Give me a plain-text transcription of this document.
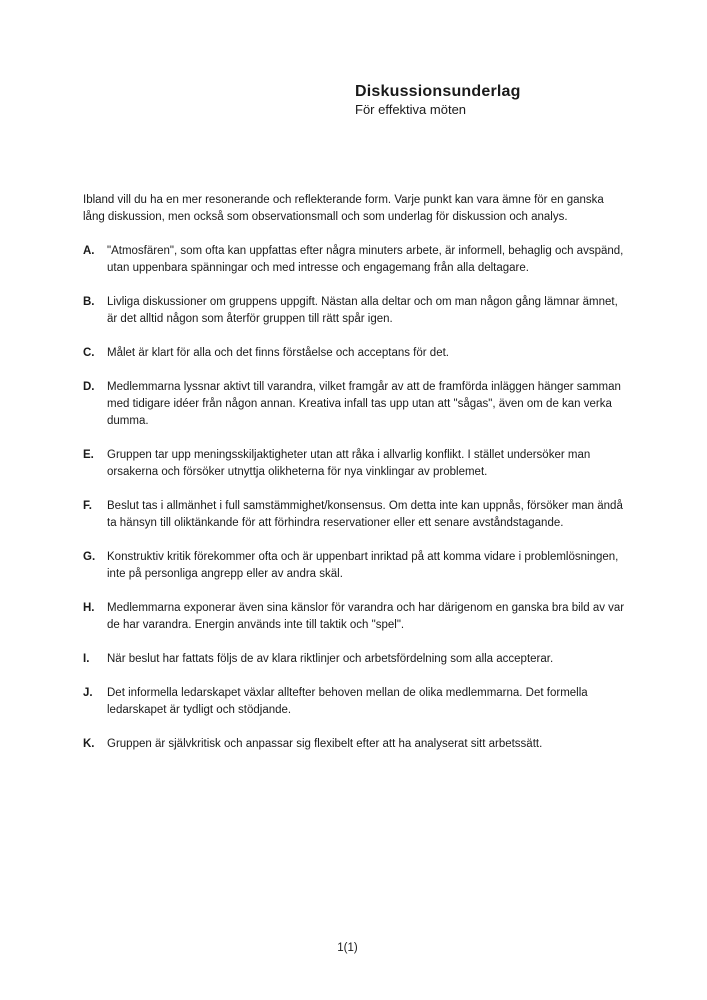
Diskussionsunderlag
För effektiva möten

Ibland vill du ha en mer resonerande och reflekterande form. Varje punkt kan vara ämne för en ganska lång diskussion, men också som observationsmall och som underlag för diskussion och analys.

A.	"Atmosfären", som ofta kan uppfattas efter några minuters arbete, är informell, behaglig och avspänd, utan uppenbara spänningar och med intresse och engagemang från alla deltagare.
B.	Livliga diskussioner om gruppens uppgift. Nästan alla deltar och om man någon gång lämnar ämnet, är det alltid någon som återför gruppen till rätt spår igen.
C.	Målet är klart för alla och det finns förståelse och acceptans för det.
D.	Medlemmarna lyssnar aktivt till varandra, vilket framgår av att de framförda inläggen hänger samman med tidigare idéer från någon annan. Kreativa infall tas upp utan att "sågas", även om de kan verka dumma.
E.	Gruppen tar upp meningsskiljaktigheter utan att råka i allvarlig konflikt. I stället undersöker man orsakerna och försöker utnyttja olikheterna för nya vinklingar av problemet.
F.	Beslut tas i allmänhet i full samstämmighet/konsensus. Om detta inte kan uppnås, försöker man ändå ta hänsyn till oliktänkande för att förhindra reservationer eller ett senare avståndstagande.
G.	Konstruktiv kritik förekommer ofta och är uppenbart inriktad på att komma vidare i problemlösningen, inte på personliga angrepp eller av andra skäl.
H.	Medlemmarna exponerar även sina känslor för varandra och har därigenom en ganska bra bild av var de har varandra. Energin används inte till taktik och "spel".
I.	När beslut har fattats följs de av klara riktlinjer och arbetsfördelning som alla accepterar.
J.	Det informella ledarskapet växlar alltefter behoven mellan de olika medlemmarna. Det formella ledarskapet är tydligt och stödjande.
K.	Gruppen är självkritisk och anpassar sig flexibelt efter att ha analyserat sitt arbetssätt.
1(1)
